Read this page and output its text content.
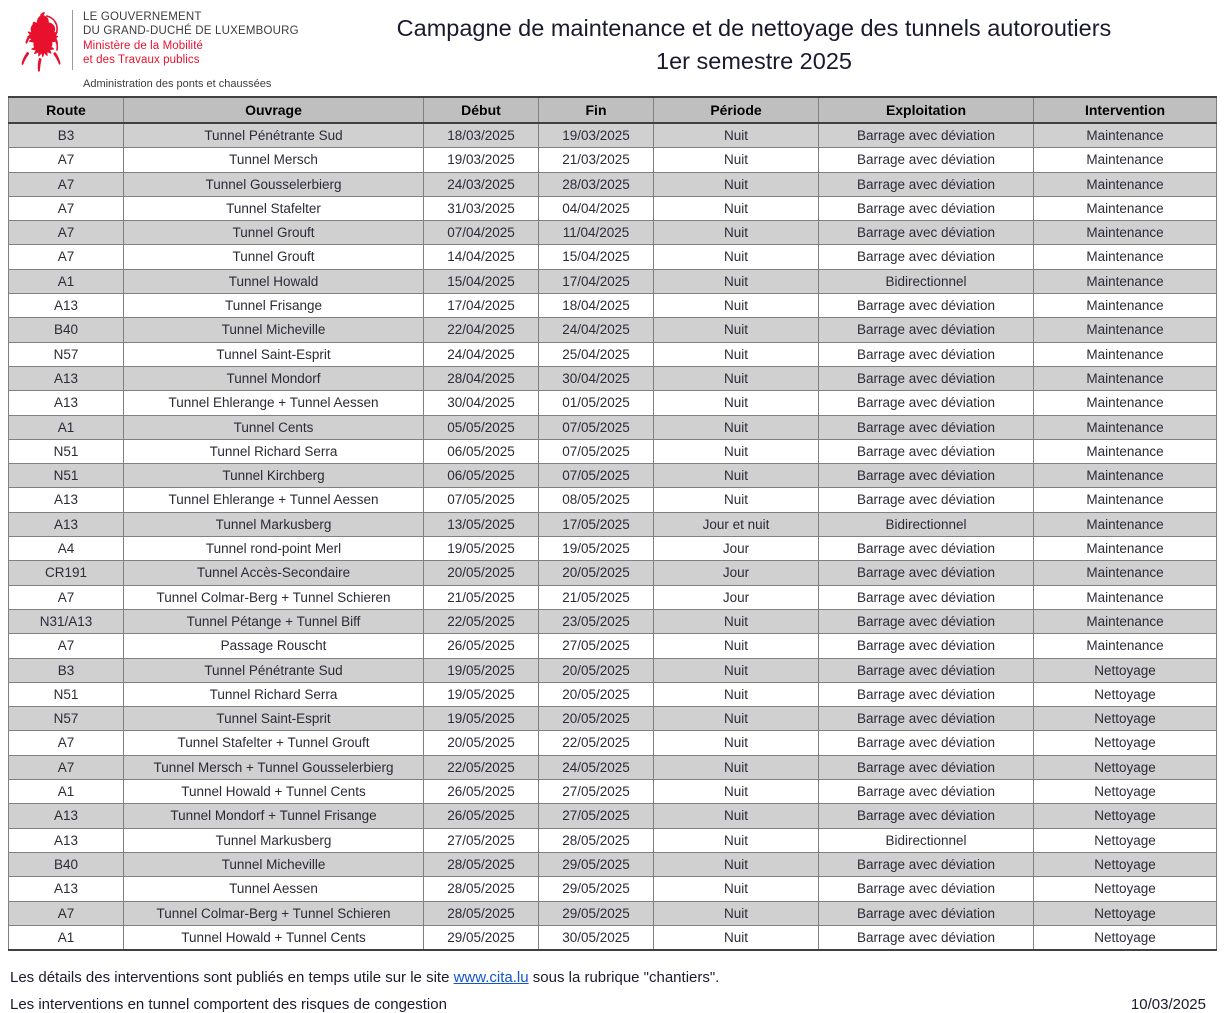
LE GOUVERNEMENT
DU GRAND-DUCHÉ DE LUXEMBOURG
Ministère de la Mobilité
et des Travaux publics
Administration des ponts et chaussées
Campagne de maintenance et de nettoyage des tunnels autoroutiers
1er semestre 2025
Route	Ouvrage	Début	Fin	Période	Exploitation	Intervention
B3	Tunnel Pénétrante Sud	18/03/2025	19/03/2025	Nuit	Barrage avec déviation	Maintenance
A7	Tunnel Mersch	19/03/2025	21/03/2025	Nuit	Barrage avec déviation	Maintenance
A7	Tunnel Gousselerbierg	24/03/2025	28/03/2025	Nuit	Barrage avec déviation	Maintenance
A7	Tunnel Stafelter	31/03/2025	04/04/2025	Nuit	Barrage avec déviation	Maintenance
A7	Tunnel Grouft	07/04/2025	11/04/2025	Nuit	Barrage avec déviation	Maintenance
A7	Tunnel Grouft	14/04/2025	15/04/2025	Nuit	Barrage avec déviation	Maintenance
A1	Tunnel Howald	15/04/2025	17/04/2025	Nuit	Bidirectionnel	Maintenance
A13	Tunnel Frisange	17/04/2025	18/04/2025	Nuit	Barrage avec déviation	Maintenance
B40	Tunnel Micheville	22/04/2025	24/04/2025	Nuit	Barrage avec déviation	Maintenance
N57	Tunnel Saint-Esprit	24/04/2025	25/04/2025	Nuit	Barrage avec déviation	Maintenance
A13	Tunnel Mondorf	28/04/2025	30/04/2025	Nuit	Barrage avec déviation	Maintenance
A13	Tunnel Ehlerange + Tunnel Aessen	30/04/2025	01/05/2025	Nuit	Barrage avec déviation	Maintenance
A1	Tunnel Cents	05/05/2025	07/05/2025	Nuit	Barrage avec déviation	Maintenance
N51	Tunnel Richard Serra	06/05/2025	07/05/2025	Nuit	Barrage avec déviation	Maintenance
N51	Tunnel Kirchberg	06/05/2025	07/05/2025	Nuit	Barrage avec déviation	Maintenance
A13	Tunnel Ehlerange + Tunnel Aessen	07/05/2025	08/05/2025	Nuit	Barrage avec déviation	Maintenance
A13	Tunnel Markusberg	13/05/2025	17/05/2025	Jour et nuit	Bidirectionnel	Maintenance
A4	Tunnel rond-point Merl	19/05/2025	19/05/2025	Jour	Barrage avec déviation	Maintenance
CR191	Tunnel Accès-Secondaire	20/05/2025	20/05/2025	Jour	Barrage avec déviation	Maintenance
A7	Tunnel Colmar-Berg + Tunnel Schieren	21/05/2025	21/05/2025	Jour	Barrage avec déviation	Maintenance
N31/A13	Tunnel Pétange + Tunnel Biff	22/05/2025	23/05/2025	Nuit	Barrage avec déviation	Maintenance
A7	Passage Rouscht	26/05/2025	27/05/2025	Nuit	Barrage avec déviation	Maintenance
B3	Tunnel Pénétrante Sud	19/05/2025	20/05/2025	Nuit	Barrage avec déviation	Nettoyage
N51	Tunnel Richard Serra	19/05/2025	20/05/2025	Nuit	Barrage avec déviation	Nettoyage
N57	Tunnel Saint-Esprit	19/05/2025	20/05/2025	Nuit	Barrage avec déviation	Nettoyage
A7	Tunnel Stafelter + Tunnel Grouft	20/05/2025	22/05/2025	Nuit	Barrage avec déviation	Nettoyage
A7	Tunnel Mersch + Tunnel Gousselerbierg	22/05/2025	24/05/2025	Nuit	Barrage avec déviation	Nettoyage
A1	Tunnel Howald + Tunnel Cents	26/05/2025	27/05/2025	Nuit	Barrage avec déviation	Nettoyage
A13	Tunnel Mondorf + Tunnel Frisange	26/05/2025	27/05/2025	Nuit	Barrage avec déviation	Nettoyage
A13	Tunnel Markusberg	27/05/2025	28/05/2025	Nuit	Bidirectionnel	Nettoyage
B40	Tunnel Micheville	28/05/2025	29/05/2025	Nuit	Barrage avec déviation	Nettoyage
A13	Tunnel Aessen	28/05/2025	29/05/2025	Nuit	Barrage avec déviation	Nettoyage
A7	Tunnel Colmar-Berg + Tunnel Schieren	28/05/2025	29/05/2025	Nuit	Barrage avec déviation	Nettoyage
A1	Tunnel Howald + Tunnel Cents	29/05/2025	30/05/2025	Nuit	Barrage avec déviation	Nettoyage
Les détails des interventions sont publiés en temps utile sur le site www.cita.lu sous la rubrique "chantiers".
Les interventions en tunnel comportent des risques de congestion	10/03/2025
